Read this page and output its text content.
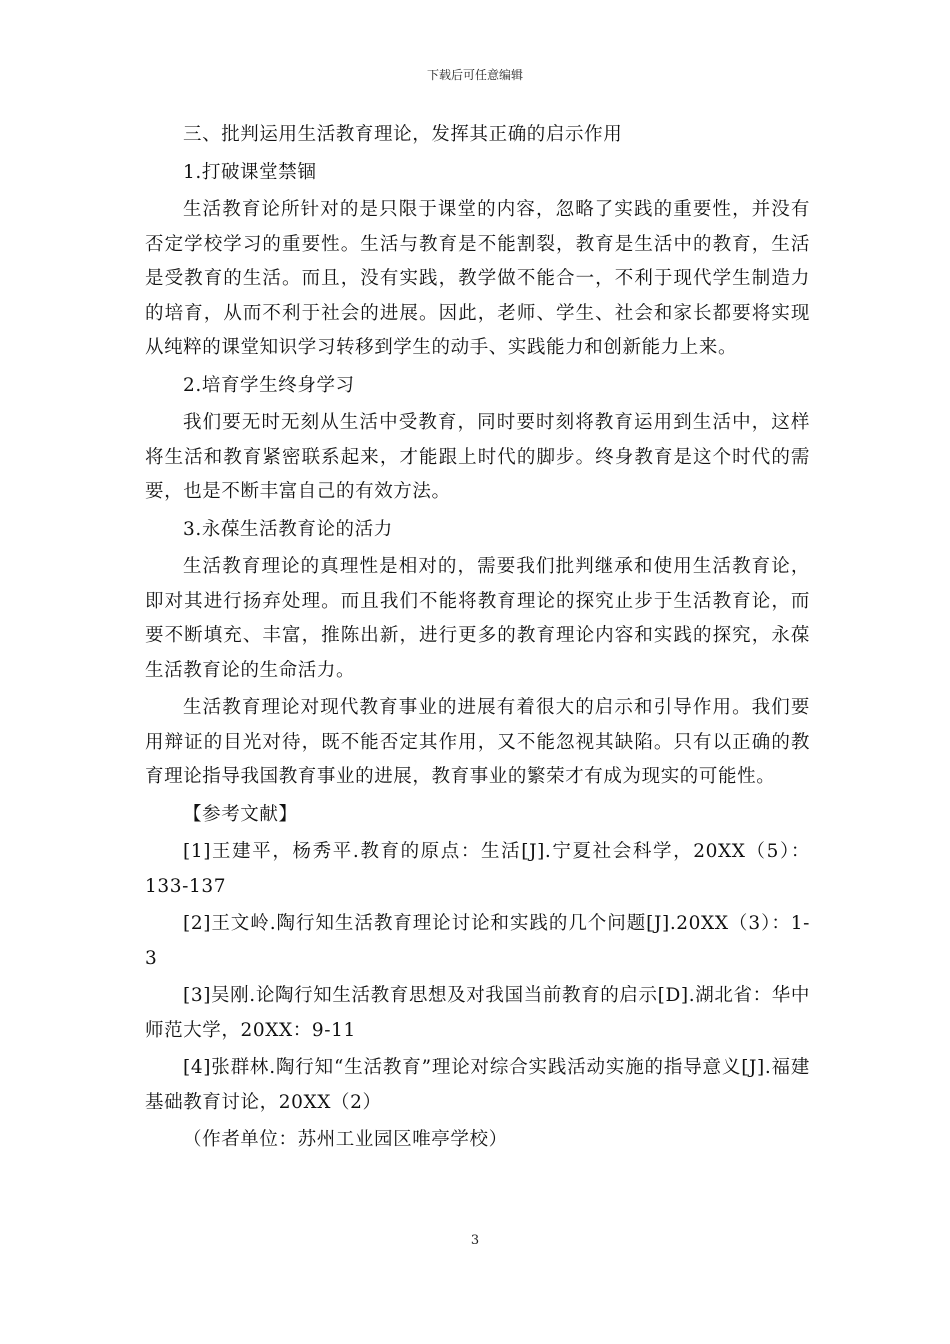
下载后可任意编辑

三、批判运用生活教育理论，发挥其正确的启示作用

1.打破课堂禁锢

生活教育论所针对的是只限于课堂的内容，忽略了实践的重要性，并没有否定学校学习的重要性。生活与教育是不能割裂，教育是生活中的教育，生活是受教育的生活。而且，没有实践，教学做不能合一，不利于现代学生制造力的培育，从而不利于社会的进展。因此，老师、学生、社会和家长都要将实现从纯粹的课堂知识学习转移到学生的动手、实践能力和创新能力上来。

2.培育学生终身学习

我们要无时无刻从生活中受教育，同时要时刻将教育运用到生活中，这样将生活和教育紧密联系起来，才能跟上时代的脚步。终身教育是这个时代的需要，也是不断丰富自己的有效方法。

3.永葆生活教育论的活力

生活教育理论的真理性是相对的，需要我们批判继承和使用生活教育论，即对其进行扬弃处理。而且我们不能将教育理论的探究止步于生活教育论，而要不断填充、丰富，推陈出新，进行更多的教育理论内容和实践的探究，永葆生活教育论的生命活力。

生活教育理论对现代教育事业的进展有着很大的启示和引导作用。我们要用辩证的目光对待，既不能否定其作用，又不能忽视其缺陷。只有以正确的教育理论指导我国教育事业的进展，教育事业的繁荣才有成为现实的可能性。

【参考文献】

[1]王建平，杨秀平.教育的原点：生活[J].宁夏社会科学，20XX（5）：133-137

[2]王文岭.陶行知生活教育理论讨论和实践的几个问题[J].20XX（3）：1-3

[3]吴刚.论陶行知生活教育思想及对我国当前教育的启示[D].湖北省：华中师范大学，20XX：9-11

[4]张群林.陶行知“生活教育”理论对综合实践活动实施的指导意义[J].福建基础教育讨论，20XX（2）

（作者单位：苏州工业园区唯亭学校）

3
